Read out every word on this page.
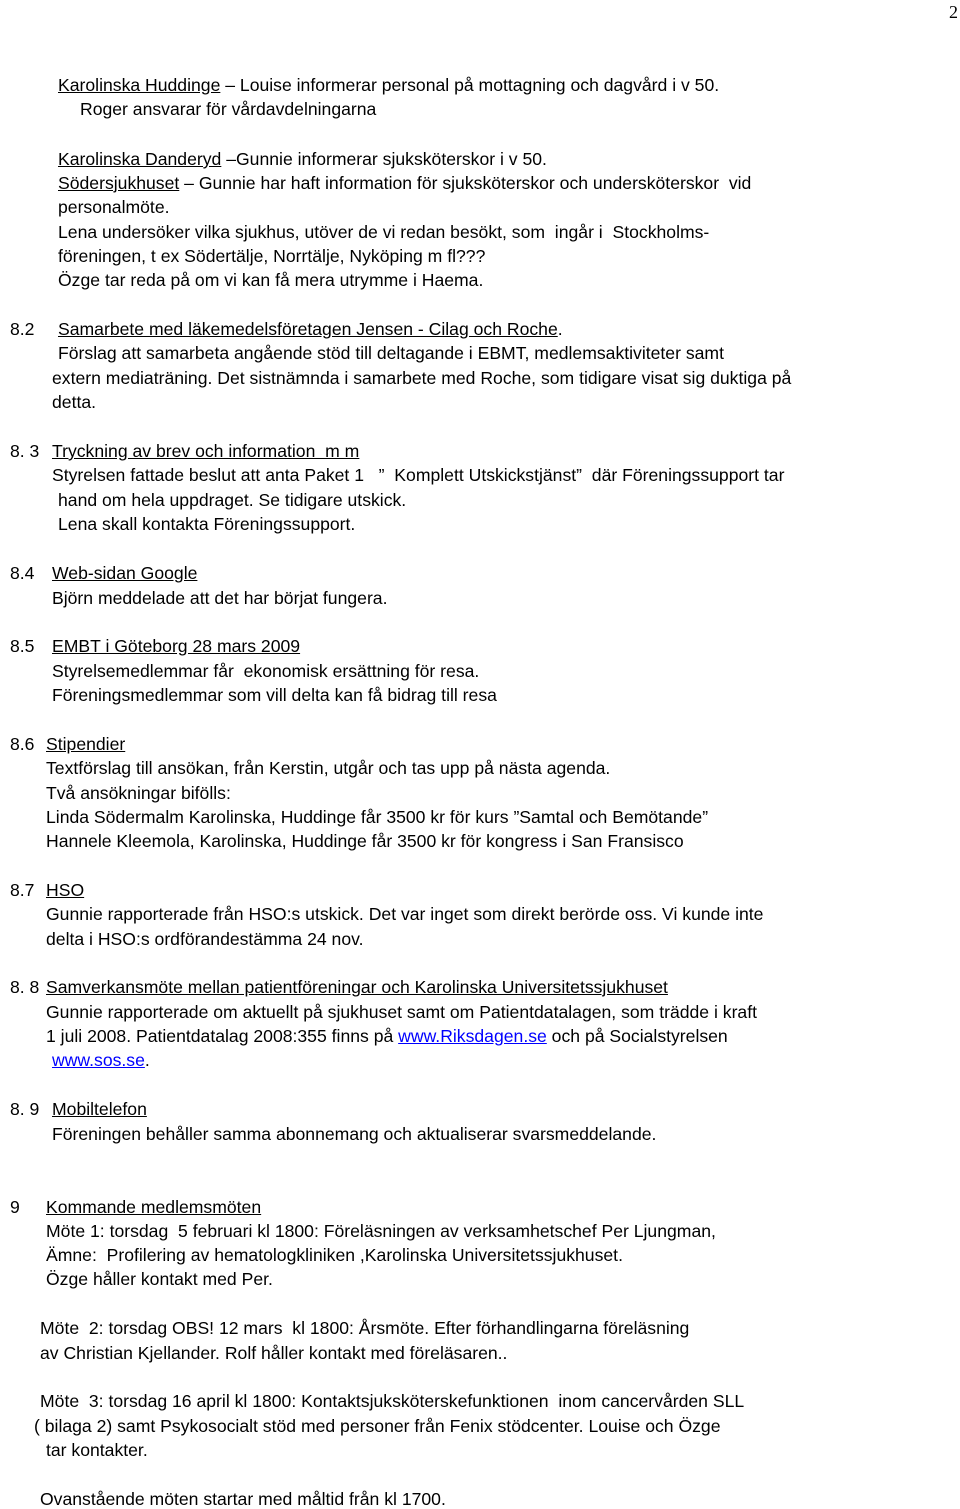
2
Karolinska Huddinge – Louise informerar personal på mottagning och dagvård i v 50.
Roger ansvarar för vårdavdelningarna
Karolinska Danderyd –Gunnie informerar sjuksköterskor i v 50.
Södersjukhuset – Gunnie har haft information för sjuksköterskor och undersköterskor  vid
personalmöte.
Lena undersöker vilka sjukhus, utöver de vi redan besökt, som  ingår i  Stockholms-
föreningen, t ex Södertälje, Norrtälje, Nyköping m fl???
Özge tar reda på om vi kan få mera utrymme i Haema.
8.2 Samarbete med läkemedelsföretagen Jensen - Cilag och Roche.
Förslag att samarbeta angående stöd till deltagande i EBMT, medlemsaktiviteter samt
extern mediaträning. Det sistnämnda i samarbete med Roche, som tidigare visat sig duktiga på
detta.
8. 3 Tryckning av brev och information  m m
Styrelsen fattade beslut att anta Paket 1   ”  Komplett Utskickstjänst”  där Föreningssupport tar
hand om hela uppdraget. Se tidigare utskick.
Lena skall kontakta Föreningssupport.
8.4 Web-sidan Google
Björn meddelade att det har börjat fungera.
8.5 EMBT i Göteborg 28 mars 2009
Styrelsemedlemmar får  ekonomisk ersättning för resa.
Föreningsmedlemmar som vill delta kan få bidrag till resa
8.6 Stipendier
Textförslag till ansökan, från Kerstin, utgår och tas upp på nästa agenda.
Två ansökningar bifölls:
Linda Södermalm Karolinska, Huddinge får 3500 kr för kurs ”Samtal och Bemötande”
Hannele Kleemola, Karolinska, Huddinge får 3500 kr för kongress i San Fransisco
8.7 HSO
Gunnie rapporterade från HSO:s utskick. Det var inget som direkt berörde oss. Vi kunde inte
delta i HSO:s ordförandestämma 24 nov.
8. 8 Samverkansmöte mellan patientföreningar och Karolinska Universitetssjukhuset
Gunnie rapporterade om aktuellt på sjukhuset samt om Patientdatalagen, som trädde i kraft
1 juli 2008. Patientdatalag 2008:355 finns på www.Riksdagen.se och på Socialstyrelsen
www.sos.se.
8. 9 Mobiltelefon
Föreningen behåller samma abonnemang och aktualiserar svarsmeddelande.
9 Kommande medlemsmöten
Möte 1: torsdag  5 februari kl 1800: Föreläsningen av verksamhetschef Per Ljungman,
Ämne:  Profilering av hematologkliniken ,Karolinska Universitetssjukhuset.
Özge håller kontakt med Per.
Möte  2: torsdag OBS! 12 mars  kl 1800: Årsmöte. Efter förhandlingarna föreläsning
av Christian Kjellander. Rolf håller kontakt med föreläsaren..
Möte  3: torsdag 16 april kl 1800: Kontaktsjuksköterskefunktionen  inom cancervården SLL
( bilaga 2) samt Psykosocialt stöd med personer från Fenix stödcenter. Louise och Özge
tar kontakter.
Ovanstående möten startar med måltid från kl 1700.
